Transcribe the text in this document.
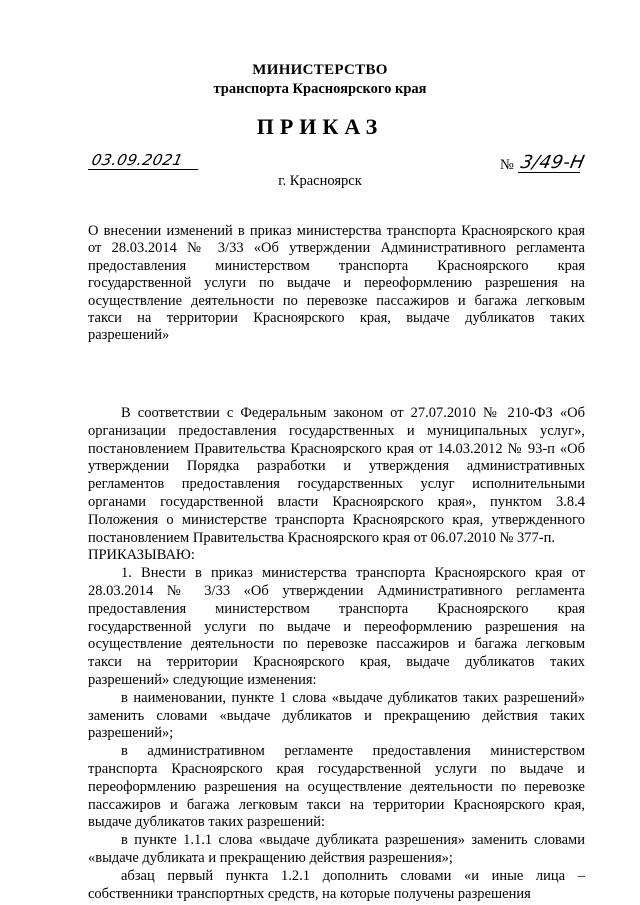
МИНИСТЕРСТВО
транспорта Красноярского края
ПРИКАЗ
03.09.2021	№ 3/49-Н
г. Красноярск
О внесении изменений в приказ министерства транспорта Красноярского края от 28.03.2014 № 3/33 «Об утверждении Административного регламента предоставления министерством транспорта Красноярского края государственной услуги по выдаче и переоформлению разрешения на осуществление деятельности по перевозке пассажиров и багажа легковым такси на территории Красноярского края, выдаче дубликатов таких разрешений»

В соответствии с Федеральным законом от 27.07.2010 № 210-ФЗ «Об организации предоставления государственных и муниципальных услуг», постановлением Правительства Красноярского края от 14.03.2012 № 93-п «Об утверждении Порядка разработки и утверждения административных регламентов предоставления государственных услуг исполнительными органами государственной власти Красноярского края», пунктом 3.8.4 Положения о министерстве транспорта Красноярского края, утвержденного постановлением Правительства Красноярского края от 06.07.2010 № 377-п.

ПРИКАЗЫВАЮ:

1. Внести в приказ министерства транспорта Красноярского края от 28.03.2014 № 3/33 «Об утверждении Административного регламента предоставления министерством транспорта Красноярского края государственной услуги по выдаче и переоформлению разрешения на осуществление деятельности по перевозке пассажиров и багажа легковым такси на территории Красноярского края, выдаче дубликатов таких разрешений» следующие изменения:

в наименовании, пункте 1 слова «выдаче дубликатов таких разрешений» заменить словами «выдаче дубликатов и прекращению действия таких разрешений»;

в административном регламенте предоставления министерством транспорта Красноярского края государственной услуги по выдаче и переоформлению разрешения на осуществление деятельности по перевозке пассажиров и багажа легковым такси на территории Красноярского края, выдаче дубликатов таких разрешений:

в пункте 1.1.1 слова «выдаче дубликата разрешения» заменить словами «выдаче дубликата и прекращению действия разрешения»;

абзац первый пункта 1.2.1 дополнить словами «и иные лица – собственники транспортных средств, на которые получены разрешения
